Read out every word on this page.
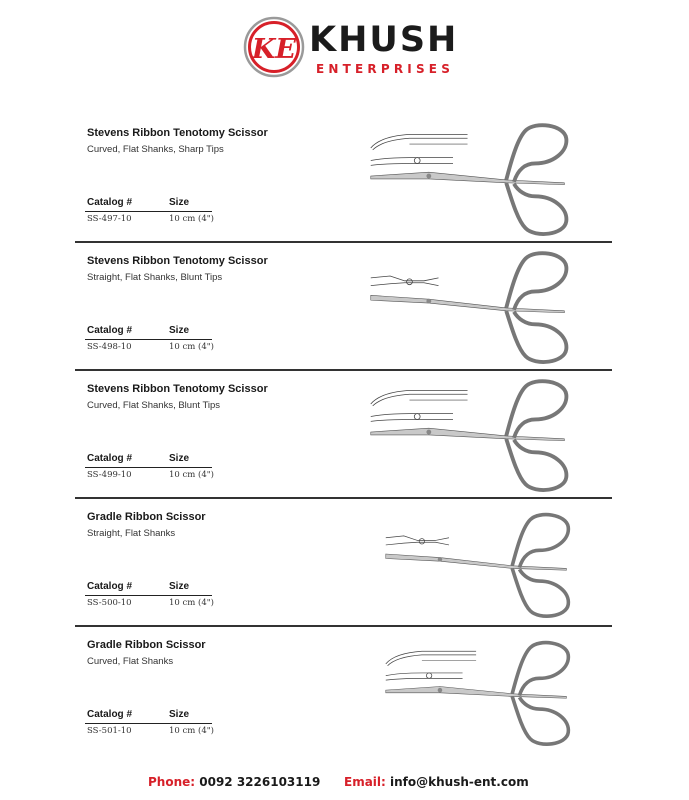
KE KHUSH
ENTERPRISES
Stevens Ribbon Tenotomy Scissor
Curved, Flat Shanks, Sharp Tips
Catalog #	Size
SS-497-10	10 cm (4")
Stevens Ribbon Tenotomy Scissor
Straight, Flat Shanks, Blunt Tips
Catalog #	Size
SS-498-10	10 cm (4")
Stevens Ribbon Tenotomy Scissor
Curved, Flat Shanks, Blunt Tips
Catalog #	Size
SS-499-10	10 cm (4")
Gradle Ribbon Scissor
Straight, Flat Shanks
Catalog #	Size
SS-500-10	10 cm (4")
Gradle Ribbon Scissor
Curved, Flat Shanks
Catalog #	Size
SS-501-10	10 cm (4")
Phone: 0092 3226103119 Email: info@khush-ent.com
